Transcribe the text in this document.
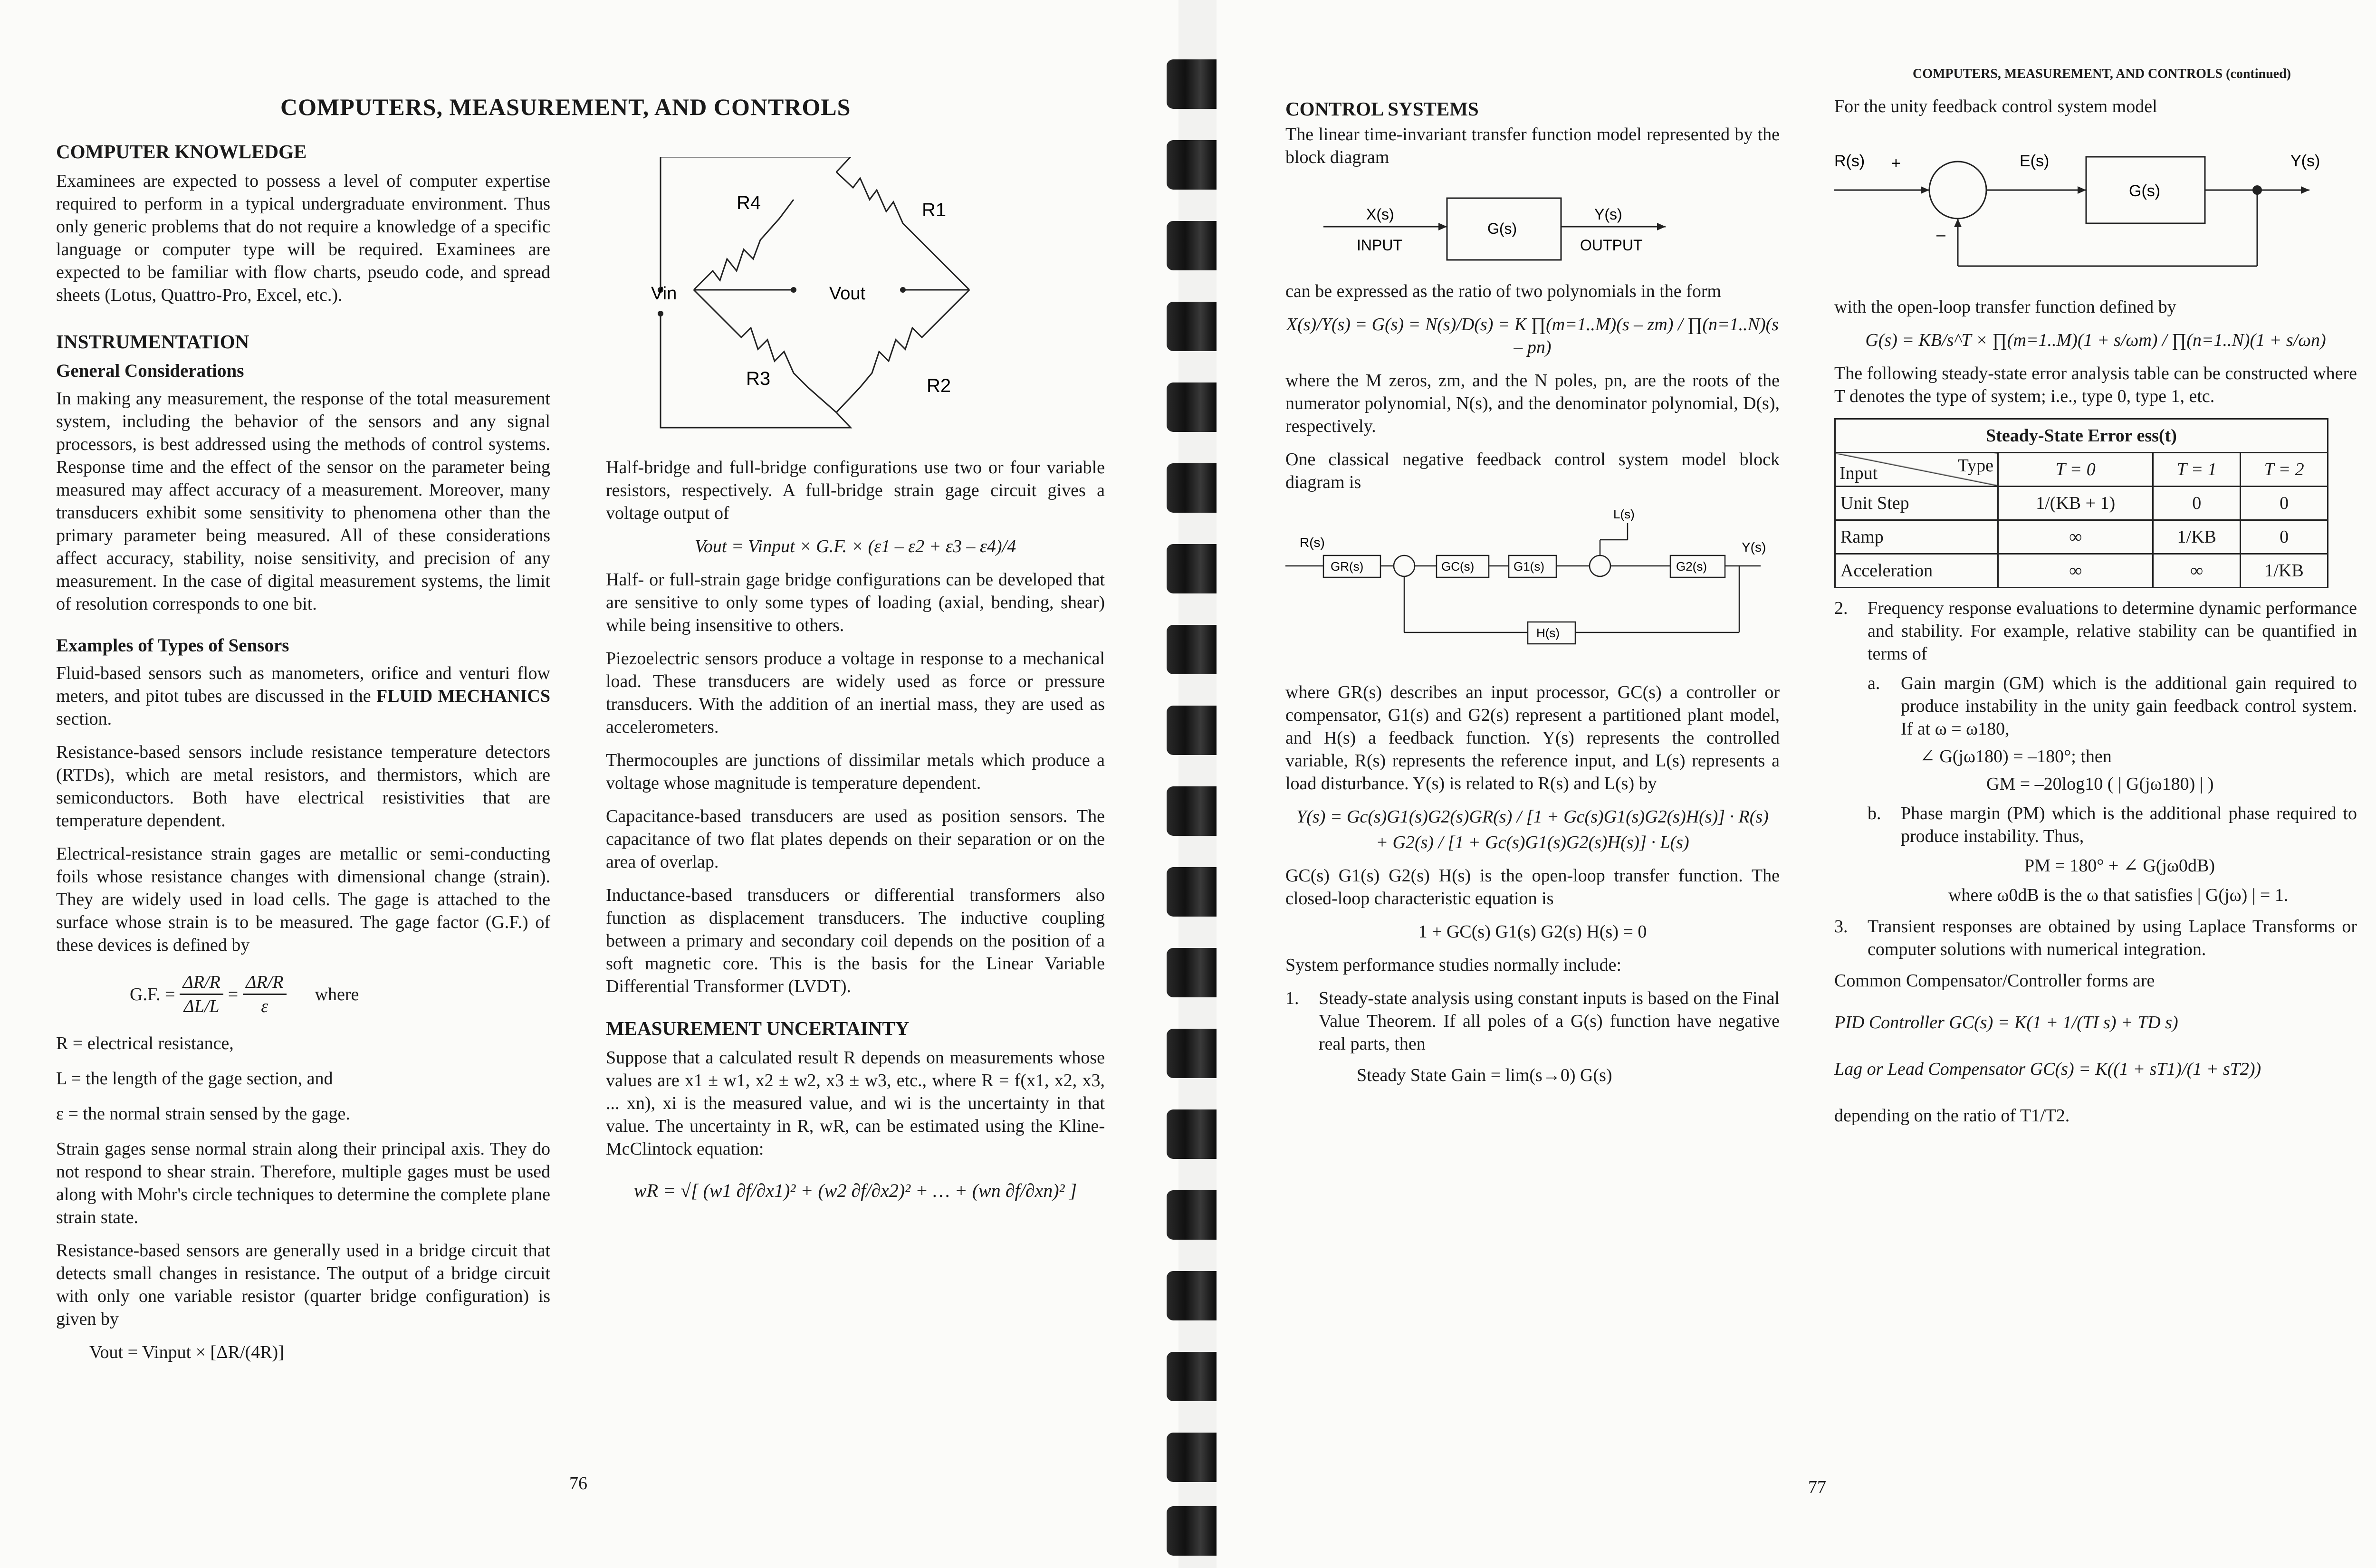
COMPUTERS, MEASUREMENT, AND CONTROLS
COMPUTER KNOWLEDGE

Examinees are expected to possess a level of computer expertise required to perform in a typical undergraduate environment. Thus only generic problems that do not require a knowledge of a specific language or computer type will be required. Examinees are expected to be familiar with flow charts, pseudo code, and spread sheets (Lotus, Quattro-Pro, Excel, etc.).

INSTRUMENTATION
General Considerations

In making any measurement, the response of the total measurement system, including the behavior of the sensors and any signal processors, is best addressed using the methods of control systems. Response time and the effect of the sensor on the parameter being measured may affect accuracy of a measurement. Moreover, many transducers exhibit some sensitivity to phenomena other than the primary parameter being measured. All of these considerations affect accuracy, stability, noise sensitivity, and precision of any measurement. In the case of digital measurement systems, the limit of resolution corresponds to one bit.

Examples of Types of Sensors

Fluid-based sensors such as manometers, orifice and venturi flow meters, and pitot tubes are discussed in the FLUID MECHANICS section.

Resistance-based sensors include resistance temperature detectors (RTDs), which are metal resistors, and thermistors, which are semiconductors. Both have electrical resistivities that are temperature dependent.

Electrical-resistance strain gages are metallic or semi-conducting foils whose resistance changes with dimensional change (strain). They are widely used in load cells. The gage is attached to the surface whose strain is to be measured. The gage factor (G.F.) of these devices is defined by

G.F. = $\frac{\Delta R/R}{\Delta L/L} = \frac{\Delta R/R}{\varepsilon}$ where

R = electrical resistance,

L = the length of the gage section, and

ε = the normal strain sensed by the gage.

Strain gages sense normal strain along their principal axis. They do not respond to shear strain. Therefore, multiple gages must be used along with Mohr's circle techniques to determine the complete plane strain state.

Resistance-based sensors are generally used in a bridge circuit that detects small changes in resistance. The output of a bridge circuit with only one variable resistor (quarter bridge configuration) is given by

Vout = Vinput × [ΔR/(4R)]

R4	R1
R3	R2
Vin	Vout

Half-bridge and full-bridge configurations use two or four variable resistors, respectively. A full-bridge strain gage circuit gives a voltage output of

Vout = Vinput × G.F. × (ε1 – ε2 + ε3 – ε4)/4

Half- or full-strain gage bridge configurations can be developed that are sensitive to only some types of loading (axial, bending, shear) while being insensitive to others.

Piezoelectric sensors produce a voltage in response to a mechanical load. These transducers are widely used as force or pressure transducers. With the addition of an inertial mass, they are used as accelerometers.

Thermocouples are junctions of dissimilar metals which produce a voltage whose magnitude is temperature dependent.

Capacitance-based transducers are used as position sensors. The capacitance of two flat plates depends on their separation or on the area of overlap.

Inductance-based transducers or differential transformers also function as displacement transducers. The inductive coupling between a primary and secondary coil depends on the position of a soft magnetic core. This is the basis for the Linear Variable Differential Transformer (LVDT).

MEASUREMENT UNCERTAINTY

Suppose that a calculated result R depends on measurements whose values are x1 ± w1, x2 ± w2, x3 ± w3, etc., where R = f(x1, x2, x3, ... xn), xi is the measured value, and wi is the uncertainty in that value. The uncertainty in R, wR, can be estimated using the Kline-McClintock equation:

wR = √[ (w1 ∂f/∂x1)² + (w2 ∂f/∂x2)² + … + (wn ∂f/∂xn)² ]

76
COMPUTERS, MEASUREMENT, AND CONTROLS (continued)
CONTROL SYSTEMS

The linear time-invariant transfer function model represented by the block diagram

X(s)
G(s)
Y(s)
INPUT	OUTPUT

can be expressed as the ratio of two polynomials in the form

X(s)/Y(s) = G(s) = N(s)/D(s) = K ∏(m=1..M)(s – zm) / ∏(n=1..N)(s – pn)

where the M zeros, zm, and the N poles, pn, are the roots of the numerator polynomial, N(s), and the denominator polynomial, D(s), respectively.

One classical negative feedback control system model block diagram is

R(s)
GR(s)	GC(s)	G1(s)	G2(s)
L(s)
H(s)
Y(s)

where GR(s) describes an input processor, GC(s) a controller or compensator, G1(s) and G2(s) represent a partitioned plant model, and H(s) a feedback function. Y(s) represents the controlled variable, R(s) represents the reference input, and L(s) represents a load disturbance. Y(s) is related to R(s) and L(s) by

Y(s) = Gc(s)G1(s)G2(s)GR(s) / [1 + Gc(s)G1(s)G2(s)H(s)] · R(s)

+ G2(s) / [1 + Gc(s)G1(s)G2(s)H(s)] · L(s)

GC(s) G1(s) G2(s) H(s) is the open-loop transfer function. The closed-loop characteristic equation is

1 + GC(s) G1(s) G2(s) H(s) = 0

System performance studies normally include:

1. Steady-state analysis using constant inputs is based on the Final Value Theorem. If all poles of a G(s) function have negative real parts, then

Steady State Gain = lim(s→0) G(s)

For the unity feedback control system model

R(s) +
–
E(s)
G(s)
Y(s)

with the open-loop transfer function defined by

G(s) = KB/s^T × ∏(m=1..M)(1 + s/ωm) / ∏(n=1..N)(1 + s/ωn)

The following steady-state error analysis table can be constructed where T denotes the type of system; i.e., type 0, type 1, etc.

Steady-State Error ess(t)			

Input Type	T = 0	T = 1	T = 2
Unit Step	1/(KB + 1)	0	0
Ramp	∞	1/KB	0
Acceleration	∞	∞	1/KB
2. Frequency response evaluations to determine dynamic performance and stability. For example, relative stability can be quantified in terms of
a. Gain margin (GM) which is the additional gain required to produce instability in the unity gain feedback control system. If at ω = ω180,
∠ G(jω180) = –180°; then
GM = –20log10 ( | G(jω180) | )
b. Phase margin (PM) which is the additional phase required to produce instability. Thus,
PM = 180° + ∠ G(jω0dB)
where ω0dB is the ω that satisfies | G(jω) | = 1.
3. Transient responses are obtained by using Laplace Transforms or computer solutions with numerical integration.

Common Compensator/Controller forms are

PID Controller GC(s) = K(1 + 1/(TI s) + TD s)

Lag or Lead Compensator GC(s) = K((1 + sT1)/(1 + sT2))

depending on the ratio of T1/T2.

77
